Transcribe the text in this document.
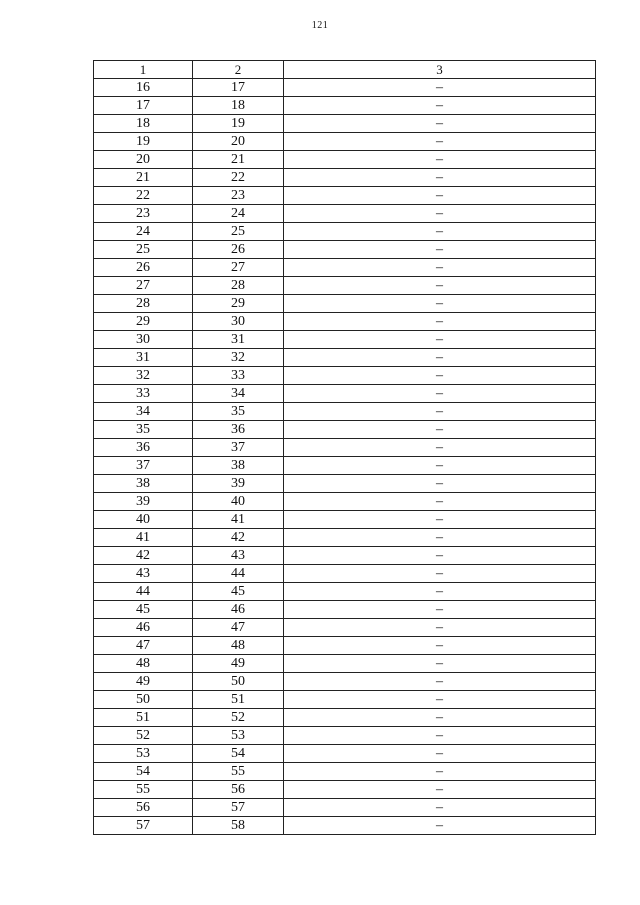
121
1	2	3
16	17	–
17	18	–
18	19	–
19	20	–
20	21	–
21	22	–
22	23	–
23	24	–
24	25	–
25	26	–
26	27	–
27	28	–
28	29	–
29	30	–
30	31	–
31	32	–
32	33	–
33	34	–
34	35	–
35	36	–
36	37	–
37	38	–
38	39	–
39	40	–
40	41	–
41	42	–
42	43	–
43	44	–
44	45	–
45	46	–
46	47	–
47	48	–
48	49	–
49	50	–
50	51	–
51	52	–
52	53	–
53	54	–
54	55	–
55	56	–
56	57	–
57	58	–
